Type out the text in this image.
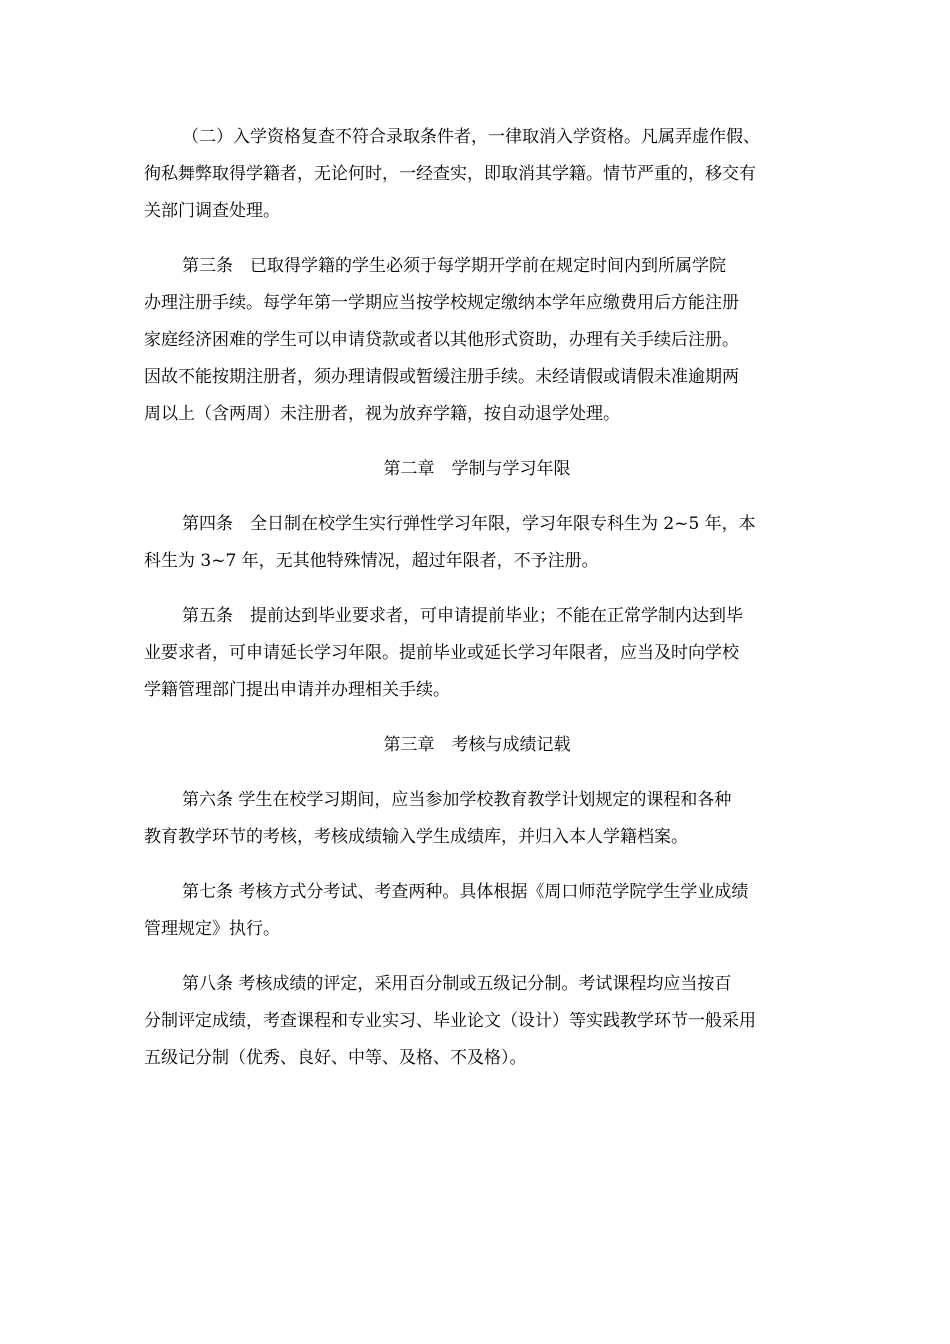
（二）入学资格复查不符合录取条件者，一律取消入学资格。凡属弄虚作假、
徇私舞弊取得学籍者，无论何时，一经查实，即取消其学籍。情节严重的，移交有
关部门调查处理。
第三条　已取得学籍的学生必须于每学期开学前在规定时间内到所属学院
办理注册手续。每学年第一学期应当按学校规定缴纳本学年应缴费用后方能注册
家庭经济困难的学生可以申请贷款或者以其他形式资助，办理有关手续后注册。
因故不能按期注册者，须办理请假或暂缓注册手续。未经请假或请假未准逾期两
周以上（含两周）未注册者，视为放弃学籍，按自动退学处理。
第二章　学制与学习年限
第四条　全日制在校学生实行弹性学习年限，学习年限专科生为 2~5 年，本
科生为 3~7 年，无其他特殊情况，超过年限者，不予注册。
第五条　提前达到毕业要求者，可申请提前毕业；不能在正常学制内达到毕
业要求者，可申请延长学习年限。提前毕业或延长学习年限者，应当及时向学校
学籍管理部门提出申请并办理相关手续。
第三章　考核与成绩记载
第六条 学生在校学习期间，应当参加学校教育教学计划规定的课程和各种
教育教学环节的考核，考核成绩输入学生成绩库，并归入本人学籍档案。
第七条 考核方式分考试、考查两种。具体根据《周口师范学院学生学业成绩
管理规定》执行。
第八条 考核成绩的评定，采用百分制或五级记分制。考试课程均应当按百
分制评定成绩，考查课程和专业实习、毕业论文（设计）等实践教学环节一般采用
五级记分制（优秀、良好、中等、及格、不及格）。
